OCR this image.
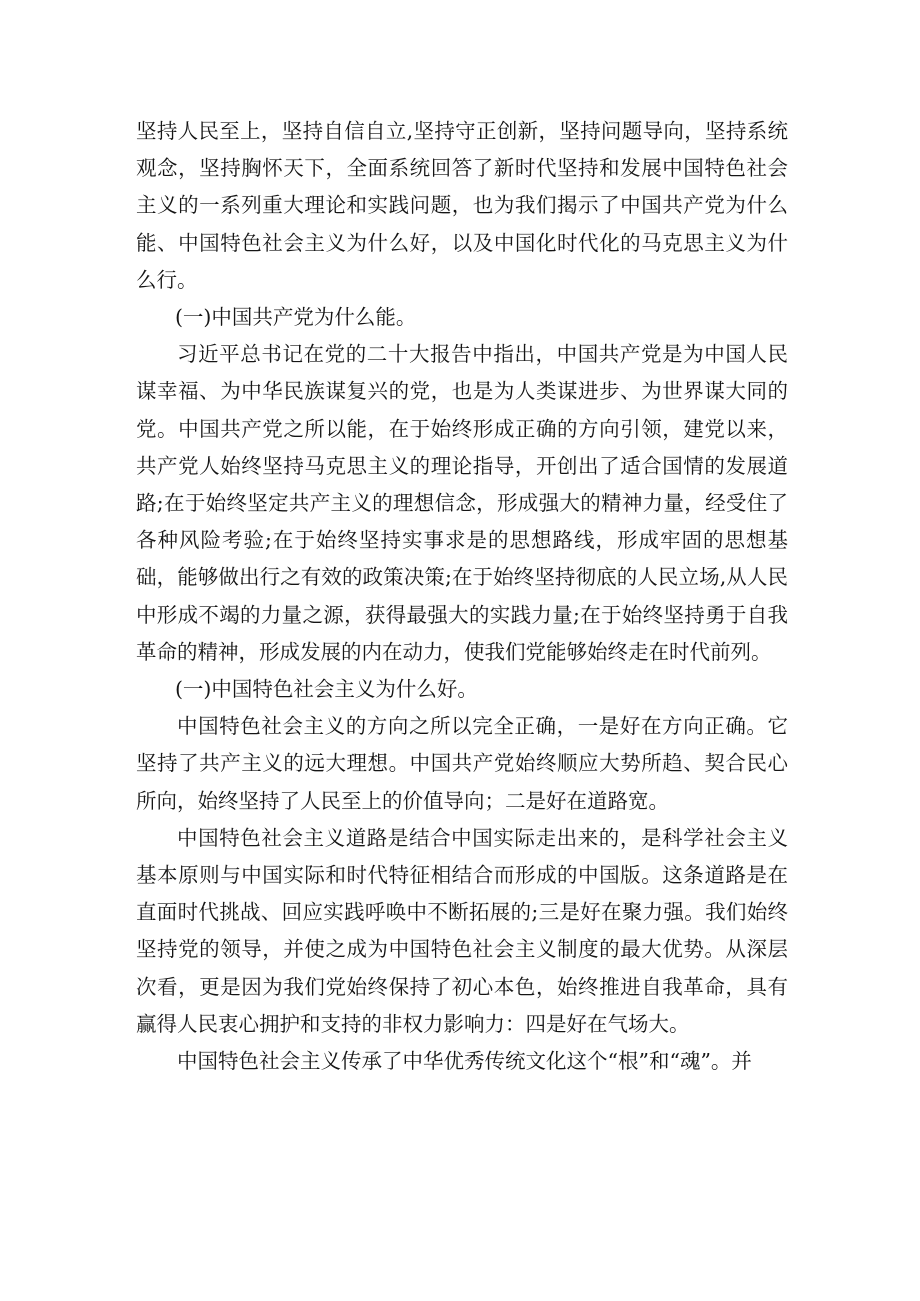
坚持人民至上，坚持自信自立,坚持守正创新，坚持问题导向，坚持系统观念，坚持胸怀天下，全面系统回答了新时代坚持和发展中国特色社会主义的一系列重大理论和实践问题，也为我们揭示了中国共产党为什么能、中国特色社会主义为什么好，以及中国化时代化的马克思主义为什么行。

(一)中国共产党为什么能。

习近平总书记在党的二十大报告中指出，中国共产党是为中国人民谋幸福、为中华民族谋复兴的党，也是为人类谋进步、为世界谋大同的党。中国共产党之所以能，在于始终形成正确的方向引领，建党以来，共产党人始终坚持马克思主义的理论指导，开创出了适合国情的发展道路;在于始终坚定共产主义的理想信念，形成强大的精神力量，经受住了各种风险考验;在于始终坚持实事求是的思想路线，形成牢固的思想基础，能够做出行之有效的政策决策;在于始终坚持彻底的人民立场,从人民中形成不竭的力量之源，获得最强大的实践力量;在于始终坚持勇于自我革命的精神，形成发展的内在动力，使我们党能够始终走在时代前列。

(一)中国特色社会主义为什么好。

中国特色社会主义的方向之所以完全正确，一是好在方向正确。它坚持了共产主义的远大理想。中国共产党始终顺应大势所趋、契合民心所向，始终坚持了人民至上的价值导向；二是好在道路宽。

中国特色社会主义道路是结合中国实际走出来的，是科学社会主义基本原则与中国实际和时代特征相结合而形成的中国版。这条道路是在直面时代挑战、回应实践呼唤中不断拓展的;三是好在聚力强。我们始终坚持党的领导，并使之成为中国特色社会主义制度的最大优势。从深层次看，更是因为我们党始终保持了初心本色，始终推进自我革命，具有赢得人民衷心拥护和支持的非权力影响力：四是好在气场大。

中国特色社会主义传承了中华优秀传统文化这个“根”和“魂”。并
